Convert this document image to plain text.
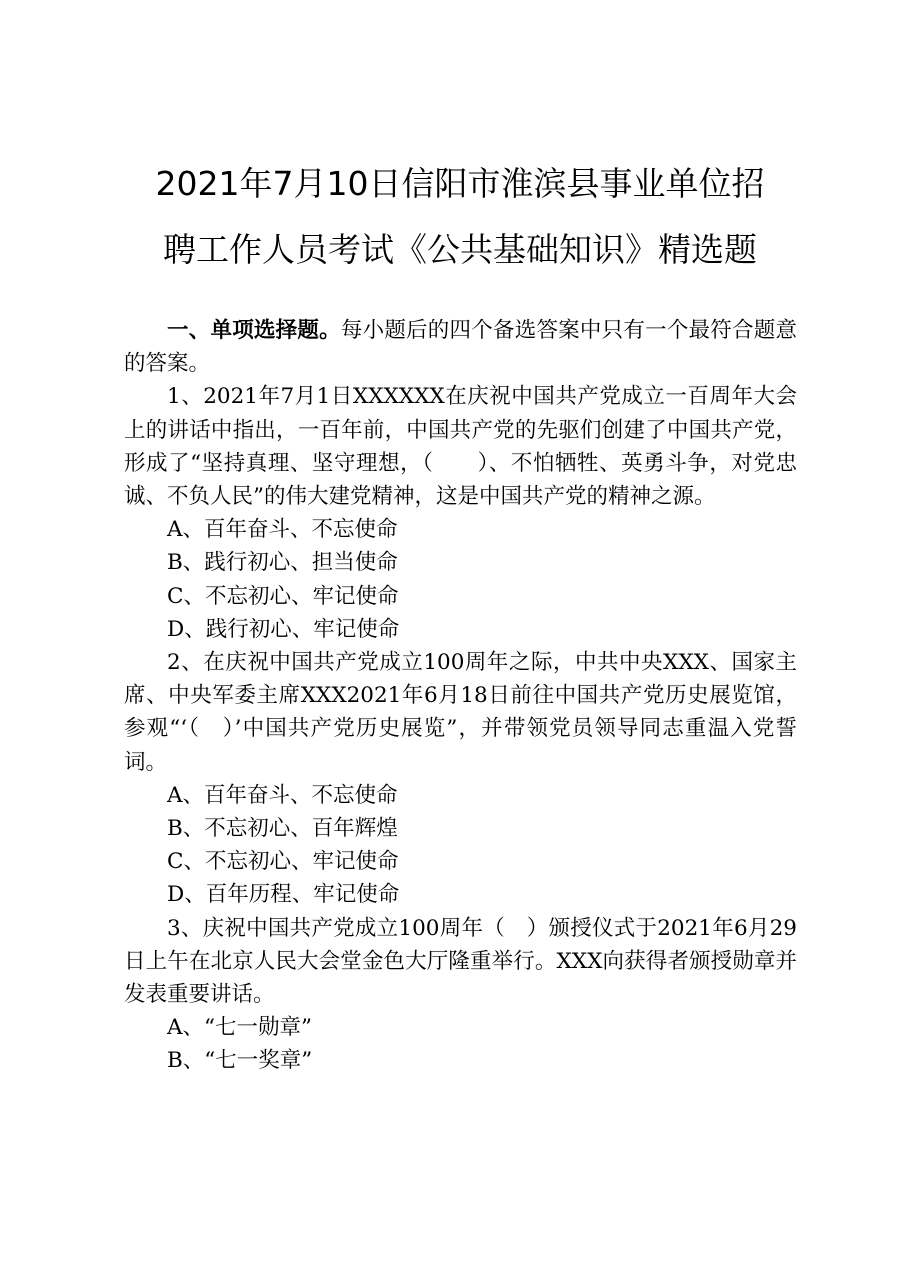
2021年7月10日信阳市淮滨县事业单位招
聘工作人员考试《公共基础知识》精选题

一、单项选择题。每小题后的四个备选答案中只有一个最符合题意的答案。

1、2021年7月1日XXXXXX在庆祝中国共产党成立一百周年大会上的讲话中指出，一百年前，中国共产党的先驱们创建了中国共产党，形成了“坚持真理、坚守理想，（　　）、不怕牺牲、英勇斗争，对党忠诚、不负人民”的伟大建党精神，这是中国共产党的精神之源。

A、百年奋斗、不忘使命

B、践行初心、担当使命

C、不忘初心、牢记使命

D、践行初心、牢记使命

2、在庆祝中国共产党成立100周年之际，中共中央XXX、国家主席、中央军委主席XXX2021年6月18日前往中国共产党历史展览馆，参观“‘（　）’中国共产党历史展览”，并带领党员领导同志重温入党誓词。

A、百年奋斗、不忘使命

B、不忘初心、百年辉煌

C、不忘初心、牢记使命

D、百年历程、牢记使命

3、庆祝中国共产党成立100周年（　）颁授仪式于2021年6月29日上午在北京人民大会堂金色大厅隆重举行。XXX向获得者颁授勋章并发表重要讲话。

A、“七一勋章”

B、“七一奖章”
